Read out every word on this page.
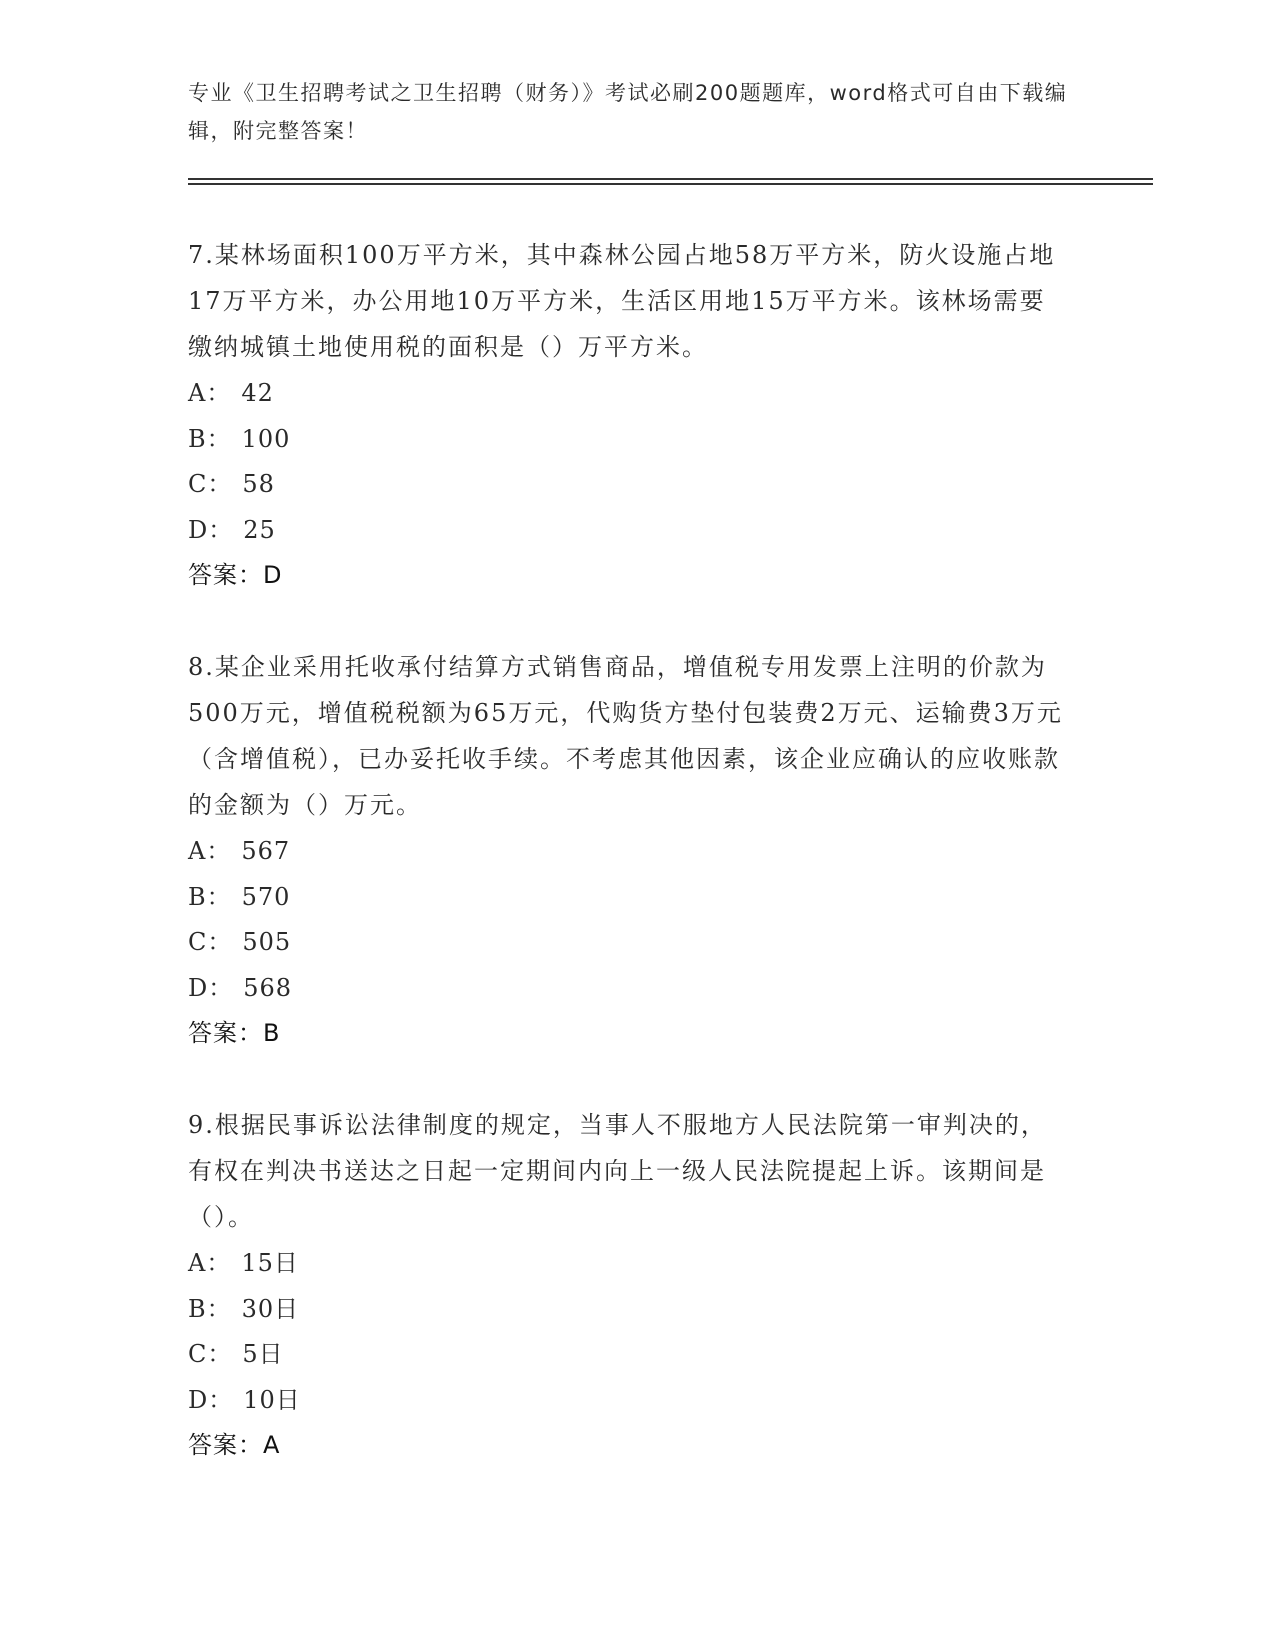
专业《卫生招聘考试之卫生招聘（财务）》考试必刷200题题库，word格式可自由下载编辑，附完整答案！

7.某林场面积100万平方米，其中森林公园占地58万平方米，防火设施占地17万平方米，办公用地10万平方米，生活区用地15万平方米。该林场需要缴纳城镇土地使用税的面积是（）万平方米。

A： 42
B： 100
C： 58
D： 25
答案：D

8.某企业采用托收承付结算方式销售商品，增值税专用发票上注明的价款为500万元，增值税税额为65万元，代购货方垫付包装费2万元、运输费3万元（含增值税），已办妥托收手续。不考虑其他因素，该企业应确认的应收账款的金额为（）万元。

A： 567
B： 570
C： 505
D： 568
答案：B

9.根据民事诉讼法律制度的规定，当事人不服地方人民法院第一审判决的，有权在判决书送达之日起一定期间内向上一级人民法院提起上诉。该期间是（）。

A： 15日
B： 30日
C： 5日
D： 10日
答案：A
